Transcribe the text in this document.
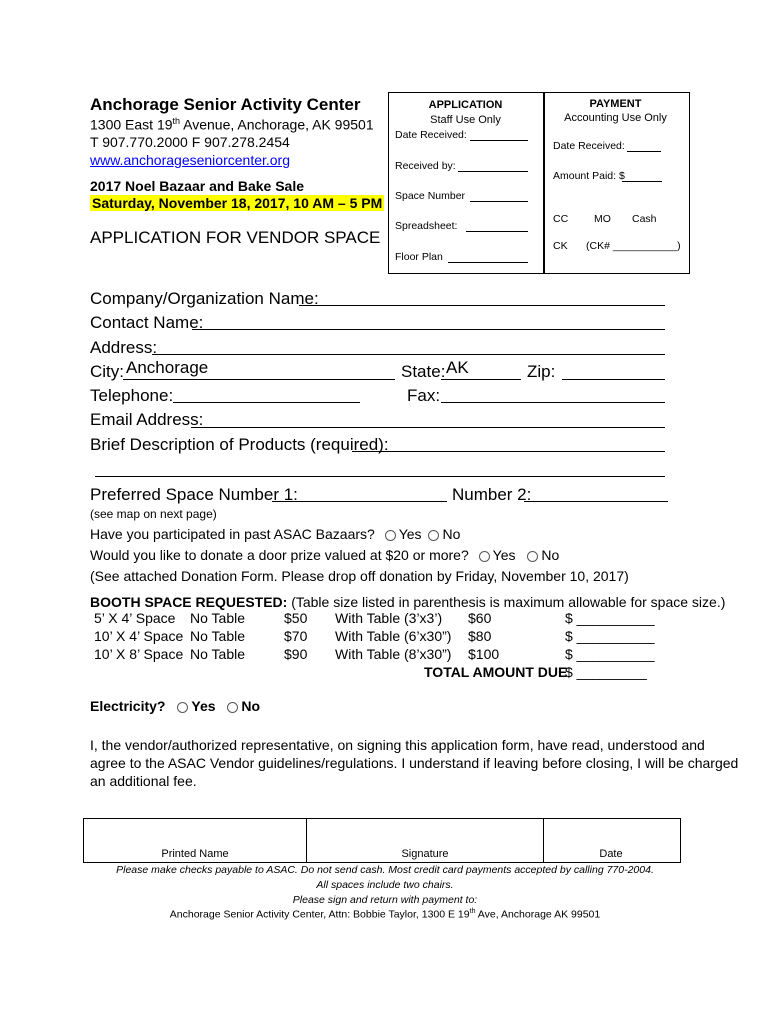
Anchorage Senior Activity Center
1300 East 19th Avenue, Anchorage, AK 99501
T 907.770.2000 F 907.278.2454
www.anchorageseniorcenter.org
2017 Noel Bazaar and Bake Sale
Saturday, November 18, 2017, 10 AM – 5 PM
APPLICATION FOR VENDOR SPACE
APPLICATION
Staff Use Only
Date Received:
Received by:
Space Number
Spreadsheet:
Floor Plan
PAYMENT
Accounting Use Only
Date Received:
Amount Paid: $
CC MO Cash
CK (CK# ___________)
Company/Organization Name:
Contact Name:
Address:
City: Anchorage	State: AK	Zip:
Telephone:	Fax:
Email Address:
Brief Description of Products (required):
Preferred Space Number 1:	Number 2:
(see map on next page)
Have you participated in past ASAC Bazaars? Yes No
Would you like to donate a door prize valued at $20 or more? Yes No
(See attached Donation Form. Please drop off donation by Friday, November 10, 2017)
BOOTH SPACE REQUESTED: (Table size listed in parenthesis is maximum allowable for space size.)
5’ X 4’ Space No Table	$50 With Table (3’x3’) $60	$ __________
10’ X 4’ Space No Table	$70 With Table (6’x30”) $80	$ __________
10’ X 8’ Space No Table	$90 With Table (8’x30”) $100	$ __________
TOTAL AMOUNT DUE
$ _________
Electricity? Yes No
I, the vendor/authorized representative, on signing this application form, have read, understood and
agree to the ASAC Vendor guidelines/regulations. I understand if leaving before closing, I will be charged
an additional fee.
Printed Name	Signature	Date
Please make checks payable to ASAC. Do not send cash. Most credit card payments accepted by calling 770-2004.
All spaces include two chairs.
Please sign and return with payment to:
Anchorage Senior Activity Center, Attn: Bobbie Taylor, 1300 E 19th Ave, Anchorage AK 99501
